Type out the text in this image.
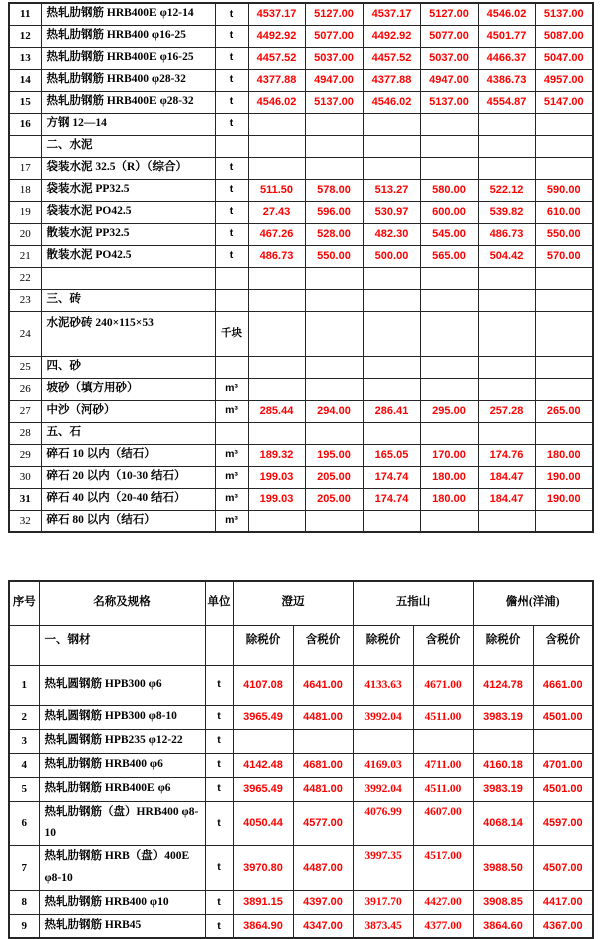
11	热轧肋钢筋 HRB400E φ12-14	t	4537.17	5127.00	4537.17	5127.00	4546.02	5137.00
12	热轧肋钢筋 HRB400 φ16-25	t	4492.92	5077.00	4492.92	5077.00	4501.77	5087.00
13	热轧肋钢筋 HRB400E φ16-25	t	4457.52	5037.00	4457.52	5037.00	4466.37	5047.00
14	热轧肋钢筋 HRB400 φ28-32	t	4377.88	4947.00	4377.88	4947.00	4386.73	4957.00
15	热轧肋钢筋 HRB400E φ28-32	t	4546.02	5137.00	4546.02	5137.00	4554.87	5147.00
16	方钢 12—14	t						
	二、水泥							
17	袋装水泥 32.5（R）（综合）	t						
18	袋装水泥 PP32.5	t	511.50	578.00	513.27	580.00	522.12	590.00
19	袋装水泥 PO42.5	t	27.43	596.00	530.97	600.00	539.82	610.00
20	散装水泥 PP32.5	t	467.26	528.00	482.30	545.00	486.73	550.00
21	散装水泥 PO42.5	t	486.73	550.00	500.00	565.00	504.42	570.00
22								
23	三、砖							
24	水泥砂砖 240×115×53	千块						
25	四、砂							
26	坡砂（填方用砂）	m³						
27	中沙（河砂）	m³	285.44	294.00	286.41	295.00	257.28	265.00
28	五、石							
29	碎石 10 以内（结石）	m³	189.32	195.00	165.05	170.00	174.76	180.00
30	碎石 20 以内（10-30 结石）	m³	199.03	205.00	174.74	180.00	184.47	190.00
31	碎石 40 以内（20-40 结石）	m³	199.03	205.00	174.74	180.00	184.47	190.00
32	碎石 80 以内（结石）	m³						
序号	名称及规格	单位	澄迈		五指山		儋州(洋浦)	
	一、钢材		除税价	含税价	除税价	含税价	除税价	含税价
1	热轧圆钢筋 HPB300 φ6	t	4107.08	4641.00	4133.63	4671.00	4124.78	4661.00
2	热轧圆钢筋 HPB300 φ8-10	t	3965.49	4481.00	3992.04	4511.00	3983.19	4501.00
3	热轧圆钢筋 HPB235 φ12-22	t						
4	热轧肋钢筋 HRB400 φ6	t	4142.48	4681.00	4169.03	4711.00	4160.18	4701.00
5	热轧肋钢筋 HRB400E φ6	t	3965.49	4481.00	3992.04	4511.00	3983.19	4501.00
6	热轧肋钢筋（盘）HRB400 φ8-10	t	4050.44	4577.00	4076.99	4607.00	4068.14	4597.00
7	热轧肋钢筋 HRB（盘）400E φ8-10	t	3970.80	4487.00	3997.35	4517.00	3988.50	4507.00
8	热轧肋钢筋 HRB400 φ10	t	3891.15	4397.00	3917.70	4427.00	3908.85	4417.00
9	热轧肋钢筋 HRB45	t	3864.90	4347.00	3873.45	4377.00	3864.60	4367.00
